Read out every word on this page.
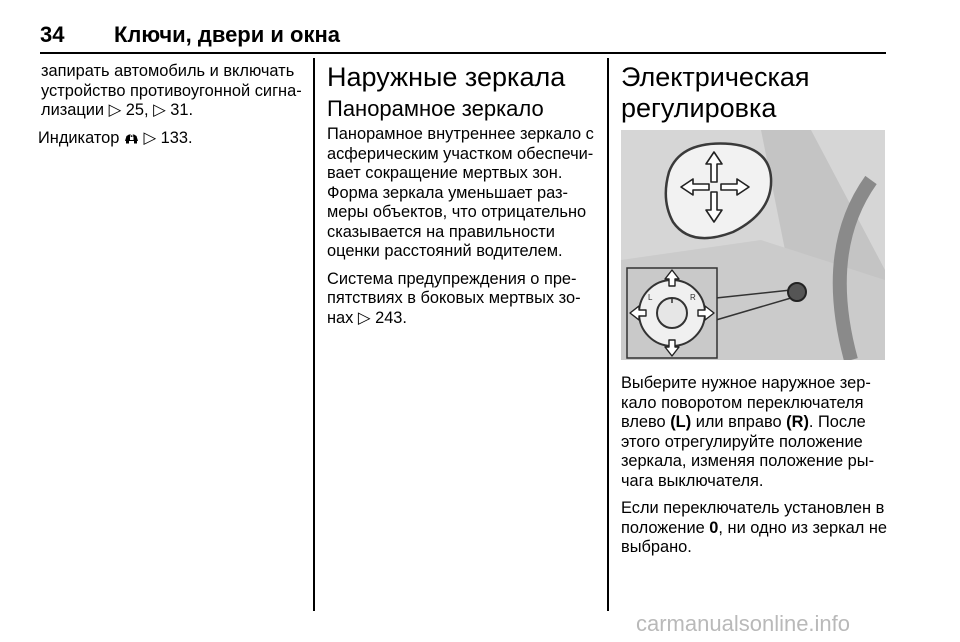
34 Ключи, двери и окна

запирать автомобиль и включать
устройство противоугонной сигна-
лизации ▷ 25, ▷ 31.

Индикатор  ▷ 133.

Наружные зеркала
Панорамное зеркало

Панорамное внутреннее зеркало с
асферическим участком обеспечи-
вает сокращение мертвых зон.
Форма зеркала уменьшает раз-
меры объектов, что отрицательно
сказывается на правильности
оценки расстояний водителем.

Система предупреждения о пре-
пятствиях в боковых мертвых зо-
нах ▷ 243.

Электрическая
регулировка
L	R

Выберите нужное наружное зер-
кало поворотом переключателя
влево (L) или вправо (R). После
этого отрегулируйте положение
зеркала, изменяя положение ры-
чага выключателя.

Если переключатель установлен в
положение 0, ни одно из зеркал не
выбрано.

carmanualsonline.info
